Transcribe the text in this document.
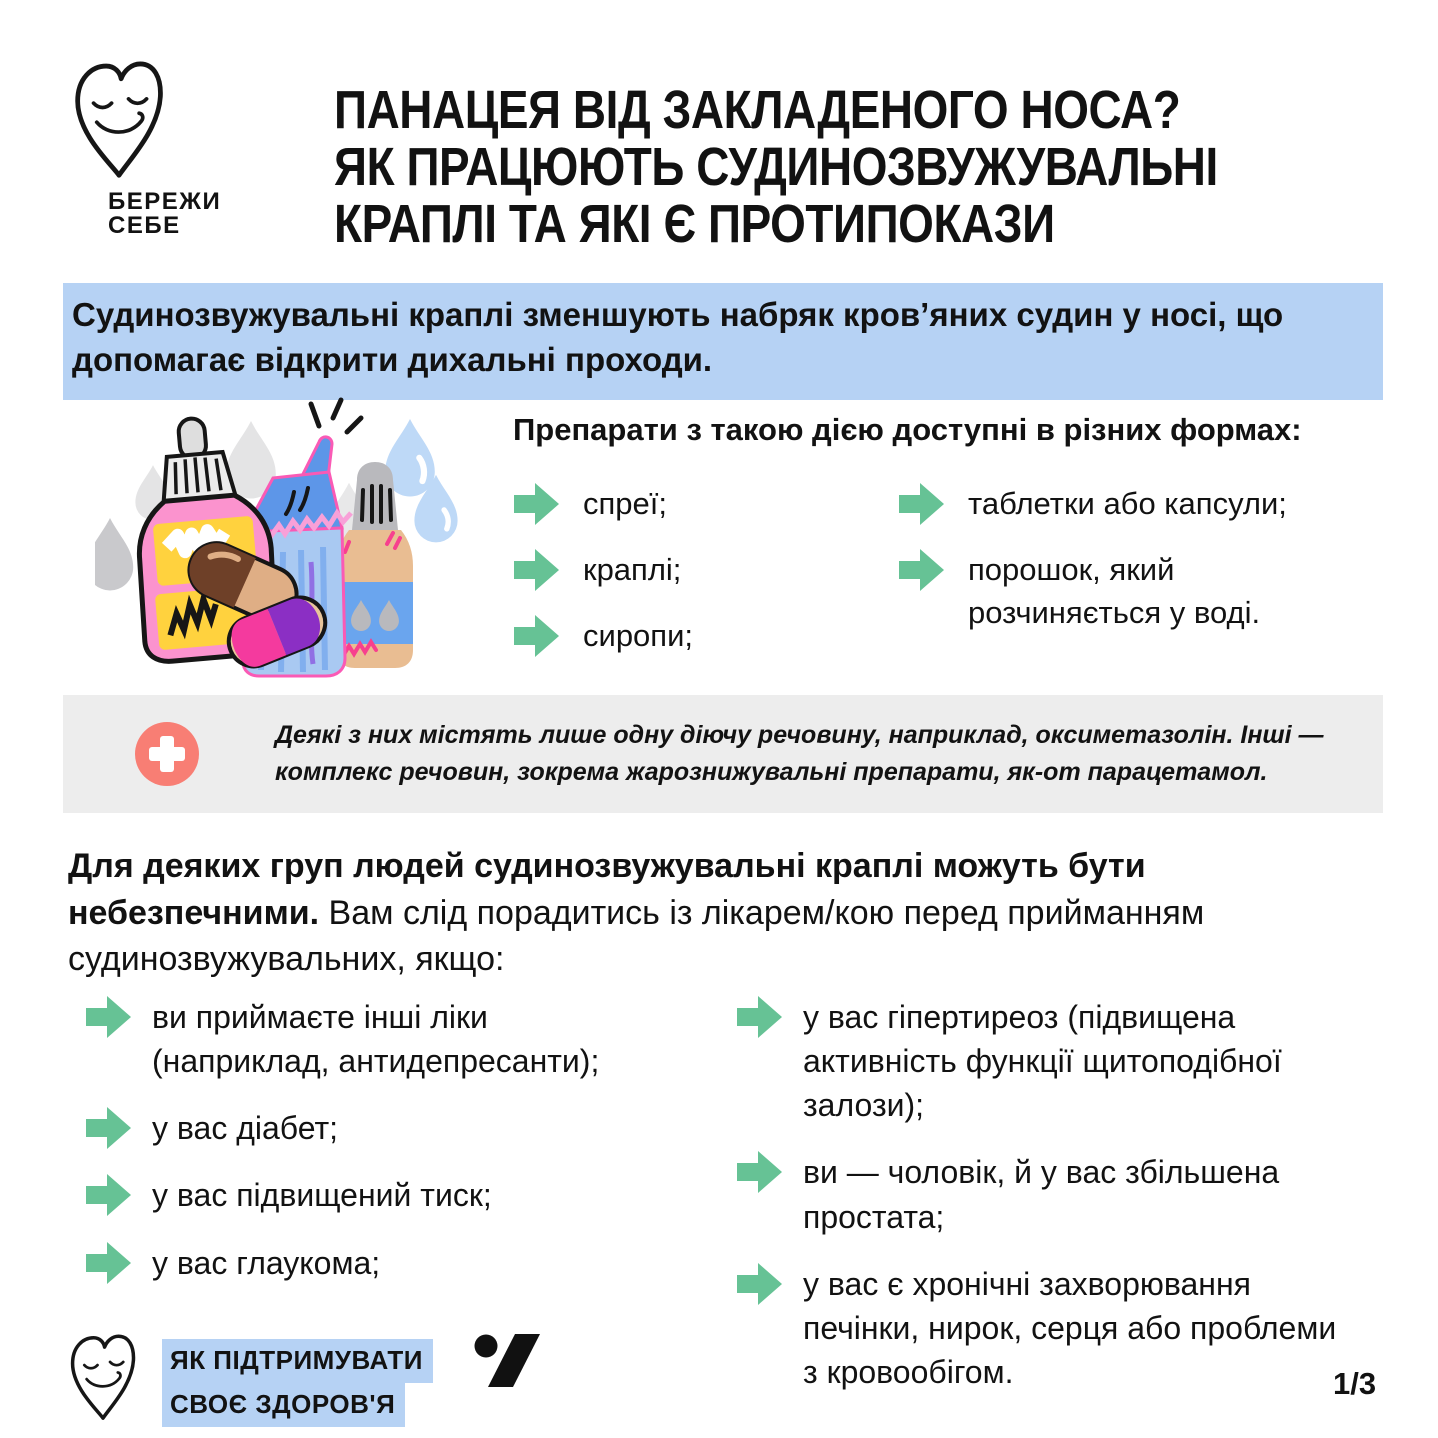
БЕРЕЖИ
СЕБЕ
ПАНАЦЕЯ ВІД ЗАКЛАДЕНОГО НОСА?
ЯК ПРАЦЮЮТЬ СУДИНОЗВУЖУВАЛЬНІ
КРАПЛІ ТА ЯКІ Є ПРОТИПОКАЗИ
Судинозвужувальні краплі зменшують набряк кров’яних судин у носі, що допомагає відкрити дихальні проходи.
Препарати з такою дією доступні в різних формах:
спреї;
краплі;
сиропи;
таблетки або капсули;
порошок, який розчиняється у воді.

Деякі з них містять лише одну діючу речовину, наприклад, оксиметазолін. Інші — комплекс речовин, зокрема жарознижувальні препарати, як-от парацетамол.

Для деяких груп людей судинозвужувальні краплі можуть бути небезпечними. Вам слід порадитись із лікарем/кою перед прийманням судинозвужувальних, якщо:

ви приймаєте інші ліки (наприклад, антидепресанти);
у вас діабет;
у вас підвищений тиск;
у вас глаукома;
у вас гіпертиреоз (підвищена активність функції щитоподібної залози);
ви — чоловік, й у вас збільшена простата;
у вас є хронічні захворювання печінки, нирок, серця або проблеми з кровообігом.
ЯК ПІДТРИМУВАТИ
СВОЄ ЗДОРОВ'Я
1/3
